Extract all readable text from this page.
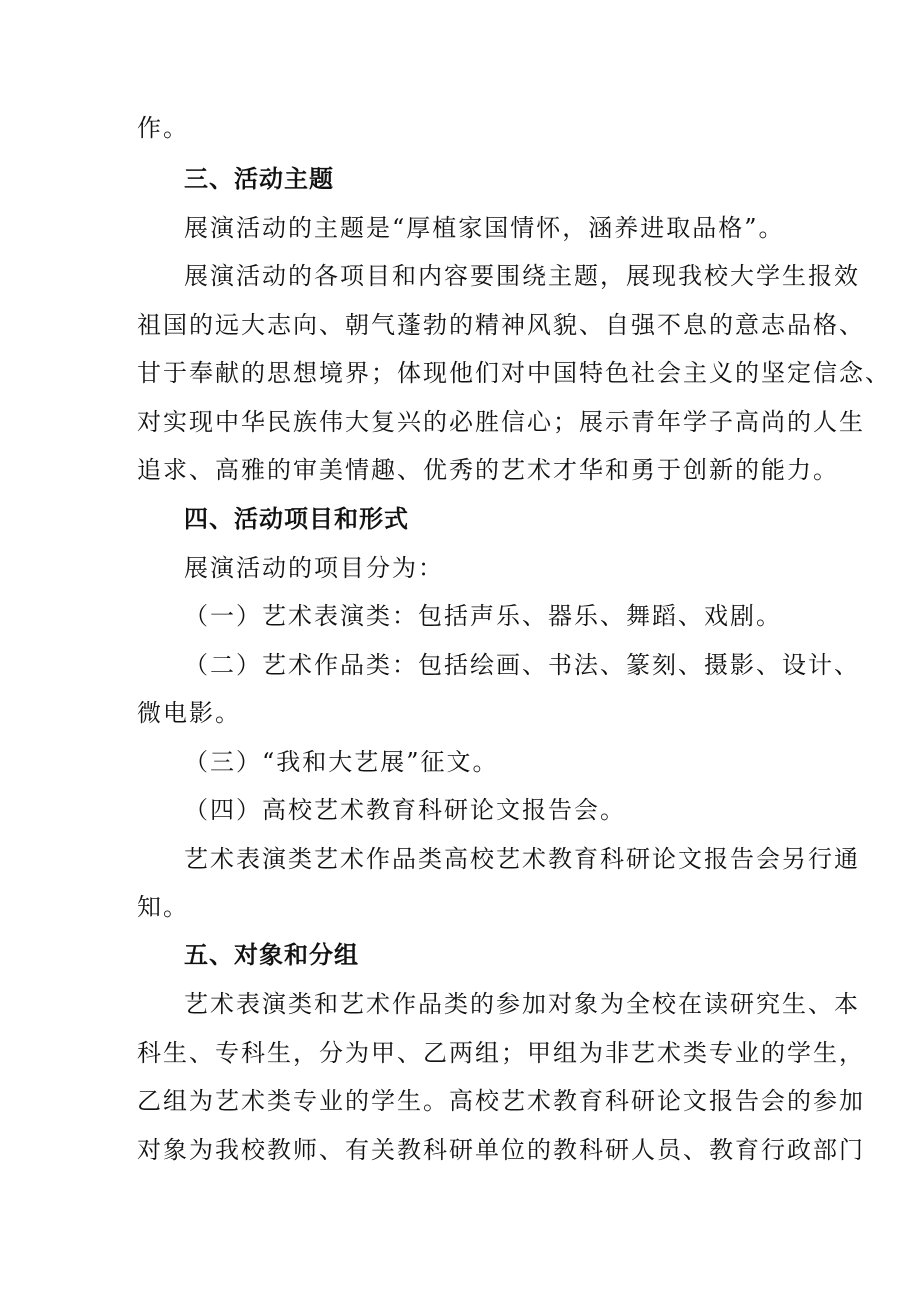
作。
三、活动主题
展演活动的主题是“厚植家国情怀，涵养进取品格”。
展演活动的各项目和内容要围绕主题，展现我校大学生报效
祖国的远大志向、朝气蓬勃的精神风貌、自强不息的意志品格、
甘于奉献的思想境界；体现他们对中国特色社会主义的坚定信念、
对实现中华民族伟大复兴的必胜信心；展示青年学子高尚的人生
追求、高雅的审美情趣、优秀的艺术才华和勇于创新的能力。
四、活动项目和形式
展演活动的项目分为：
（一）艺术表演类：包括声乐、器乐、舞蹈、戏剧。
（二）艺术作品类：包括绘画、书法、篆刻、摄影、设计、
微电影。
（三）“我和大艺展”征文。
（四）高校艺术教育科研论文报告会。
艺术表演类艺术作品类高校艺术教育科研论文报告会另行通
知。
五、对象和分组
艺术表演类和艺术作品类的参加对象为全校在读研究生、本
科生、专科生，分为甲、乙两组；甲组为非艺术类专业的学生，
乙组为艺术类专业的学生。高校艺术教育科研论文报告会的参加
对象为我校教师、有关教科研单位的教科研人员、教育行政部门
